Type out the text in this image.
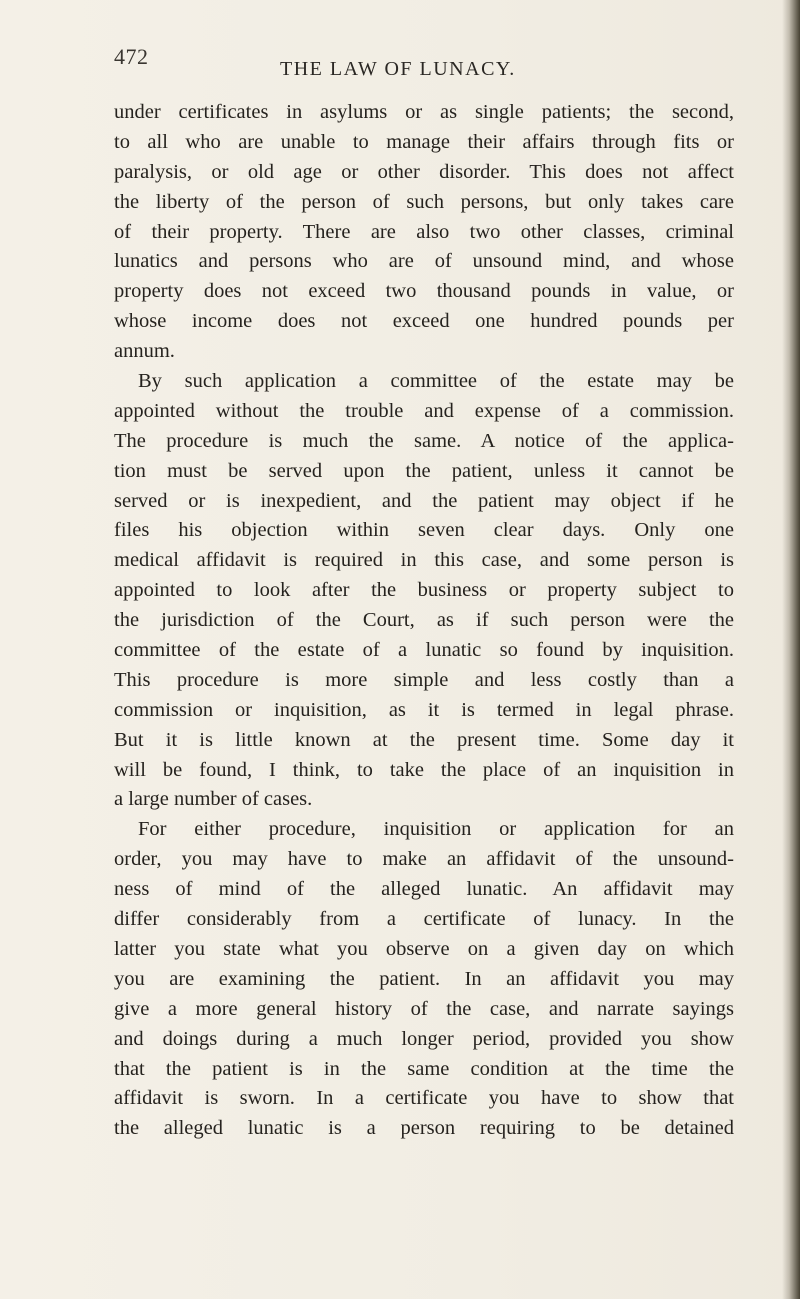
472	THE LAW OF LUNACY.
under certificates in asylums or as single patients; the second,
to all who are unable to manage their affairs through fits or
paralysis, or old age or other disorder. This does not affect
the liberty of the person of such persons, but only takes care
of their property. There are also two other classes, criminal
lunatics and persons who are of unsound mind, and whose
property does not exceed two thousand pounds in value, or
whose income does not exceed one hundred pounds per
annum.
By such application a committee of the estate may be
appointed without the trouble and expense of a commission.
The procedure is much the same. A notice of the applica-
tion must be served upon the patient, unless it cannot be
served or is inexpedient, and the patient may object if he
files his objection within seven clear days. Only one
medical affidavit is required in this case, and some person is
appointed to look after the business or property subject to
the jurisdiction of the Court, as if such person were the
committee of the estate of a lunatic so found by inquisition.
This procedure is more simple and less costly than a
commission or inquisition, as it is termed in legal phrase.
But it is little known at the present time. Some day it
will be found, I think, to take the place of an inquisition in
a large number of cases.
For either procedure, inquisition or application for an
order, you may have to make an affidavit of the unsound-
ness of mind of the alleged lunatic. An affidavit may
differ considerably from a certificate of lunacy. In the
latter you state what you observe on a given day on which
you are examining the patient. In an affidavit you may
give a more general history of the case, and narrate sayings
and doings during a much longer period, provided you show
that the patient is in the same condition at the time the
affidavit is sworn. In a certificate you have to show that
the alleged lunatic is a person requiring to be detained
